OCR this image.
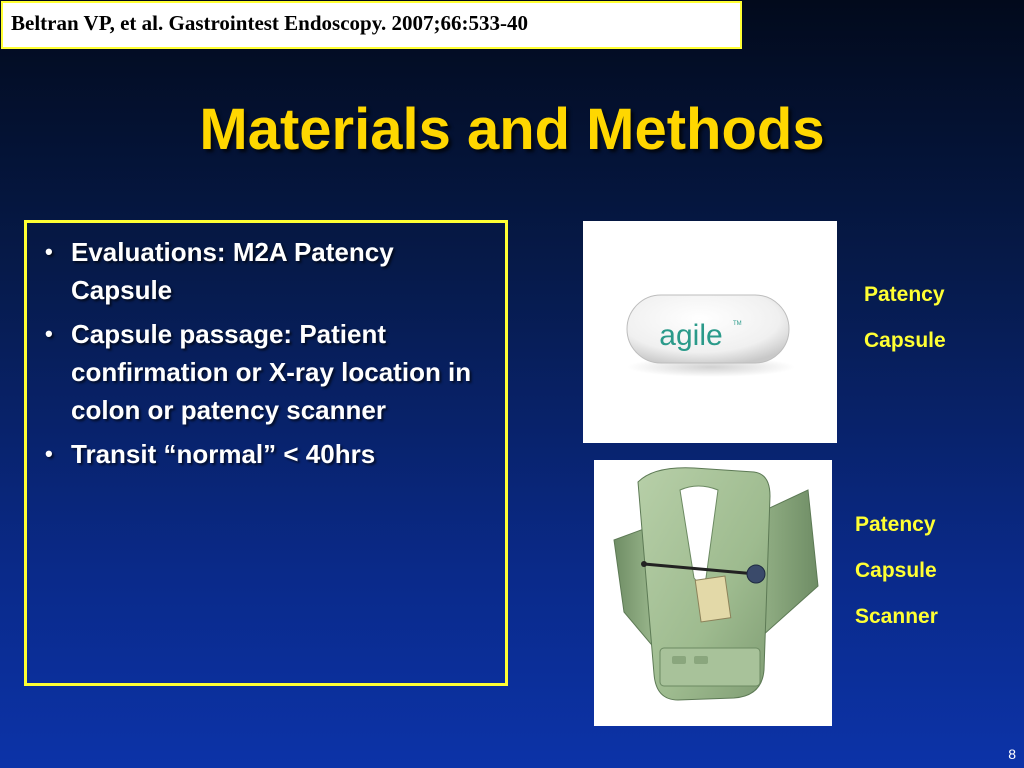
Beltran VP, et al. Gastrointest Endoscopy. 2007;66:533-40
Materials and Methods
• Evaluations: M2A Patency Capsule
• Capsule passage: Patient confirmation or X-ray location in colon or patency scanner
• Transit “normal” < 40hrs
agile TM
Patency
Capsule
Patency
Capsule
Scanner
8
